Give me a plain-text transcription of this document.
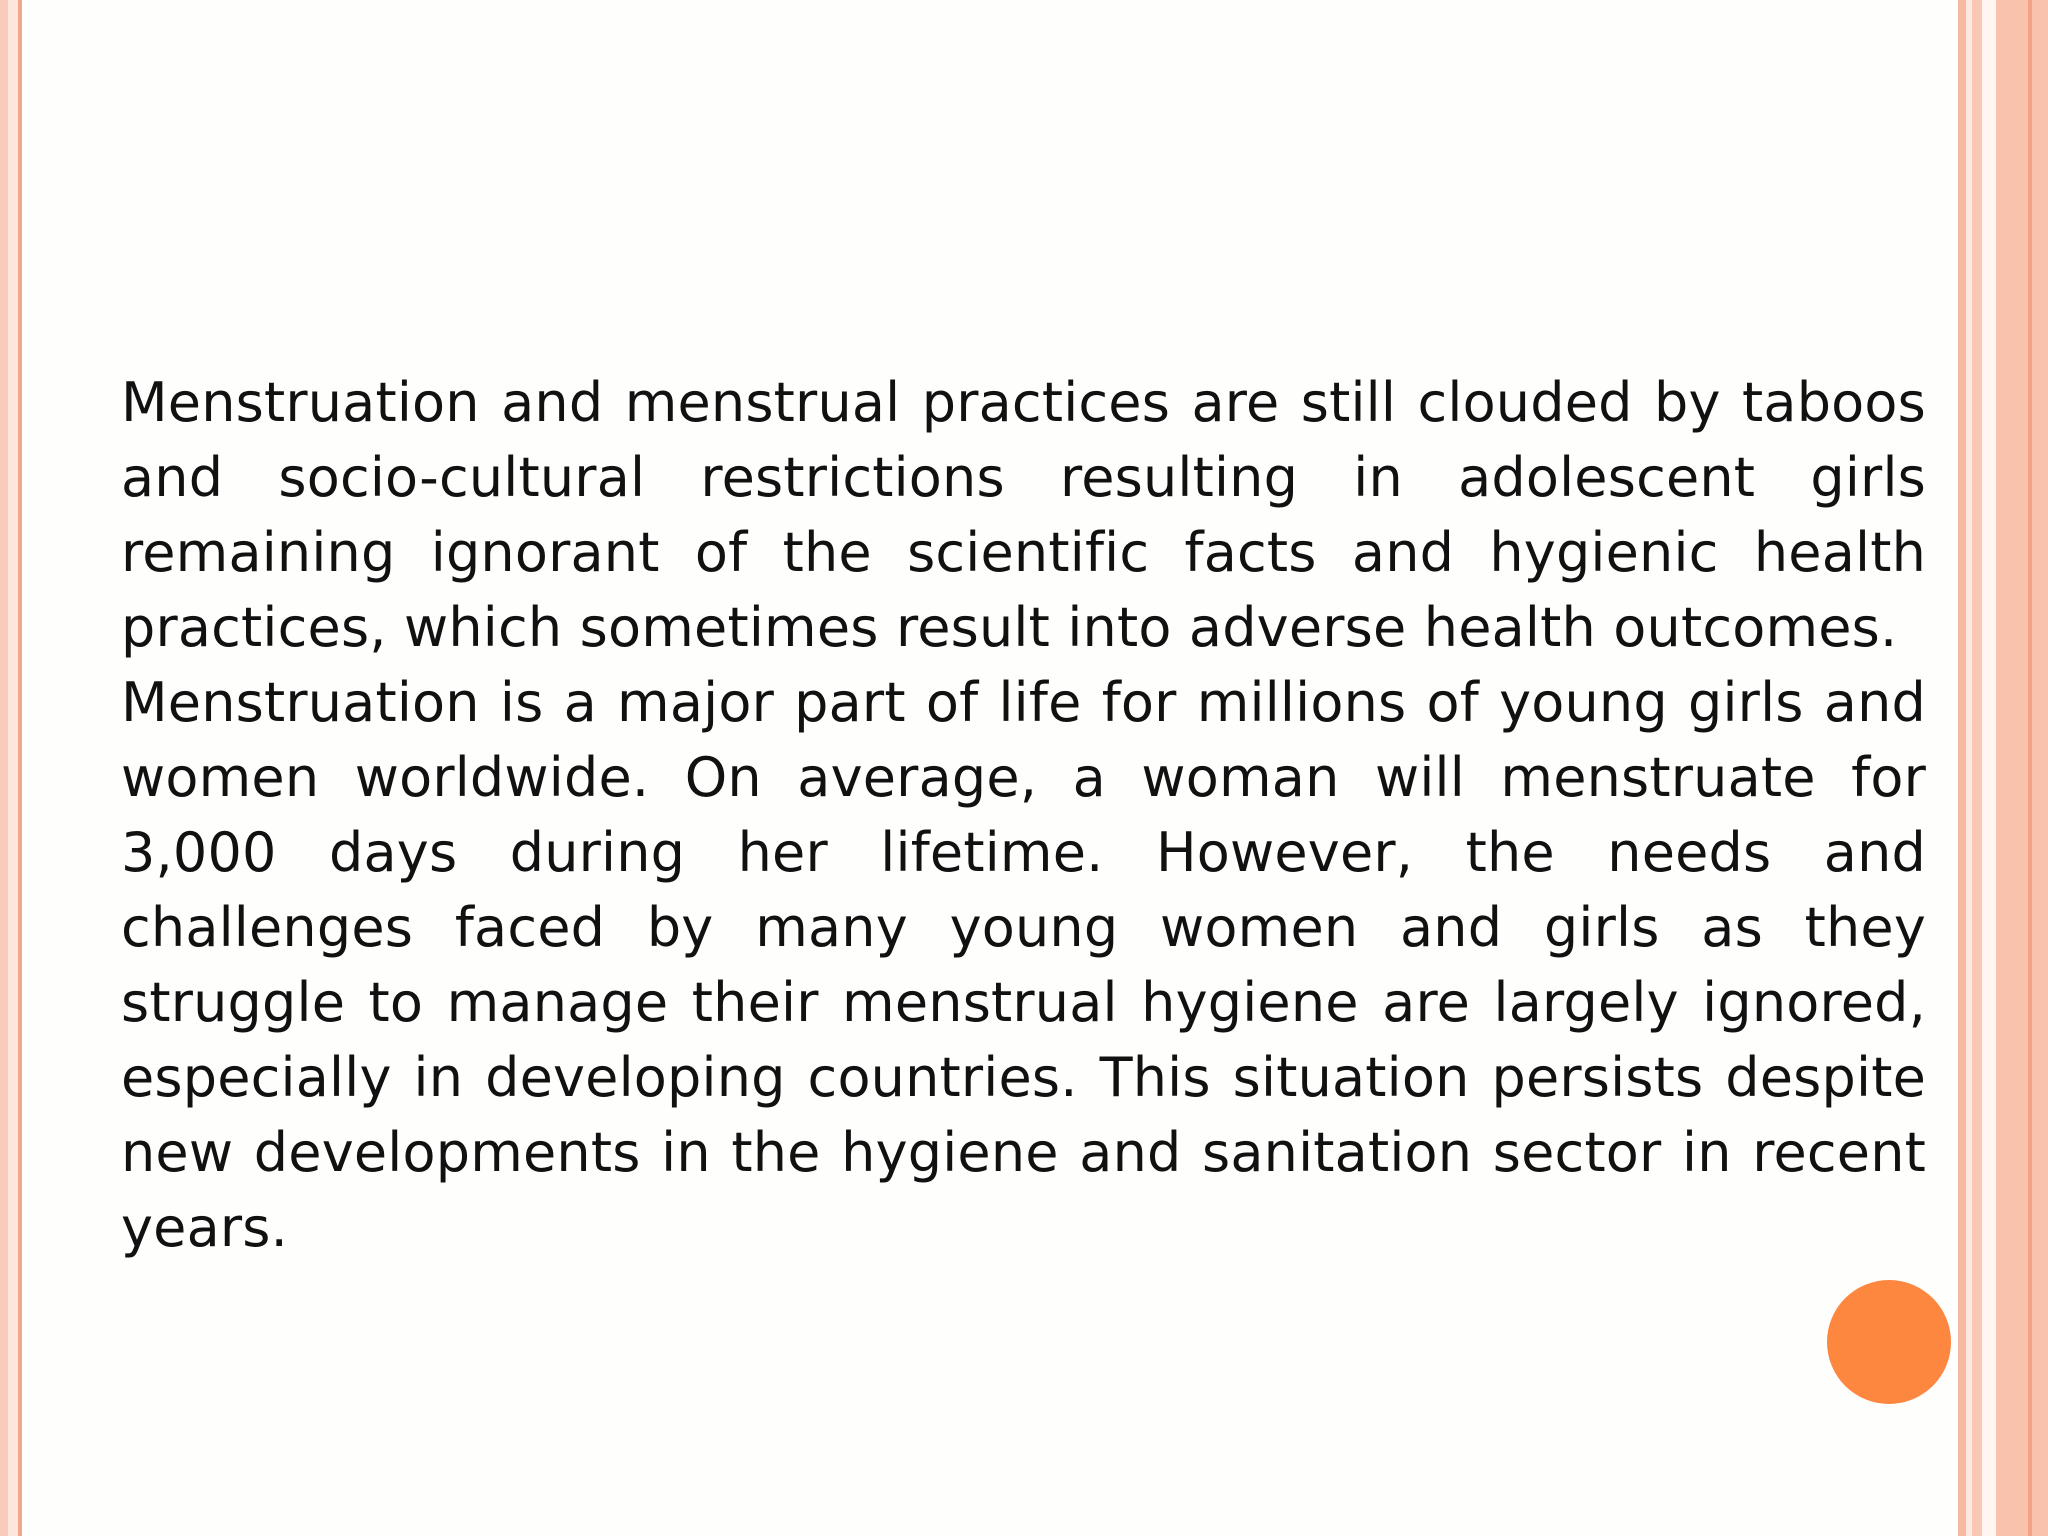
Menstruation and menstrual practices are still clouded by taboos and socio-cultural restrictions resulting in adolescent girls remaining ignorant of the scientific facts and hygienic health practices, which sometimes result into adverse health outcomes.

Menstruation is a major part of life for millions of young girls and women worldwide. On average, a woman will menstruate for 3,000 days during her lifetime. However, the needs and challenges faced by many young women and girls as they struggle to manage their menstrual hygiene are largely ignored, especially in developing countries. This situation persists despite new developments in the hygiene and sanitation sector in recent years.
